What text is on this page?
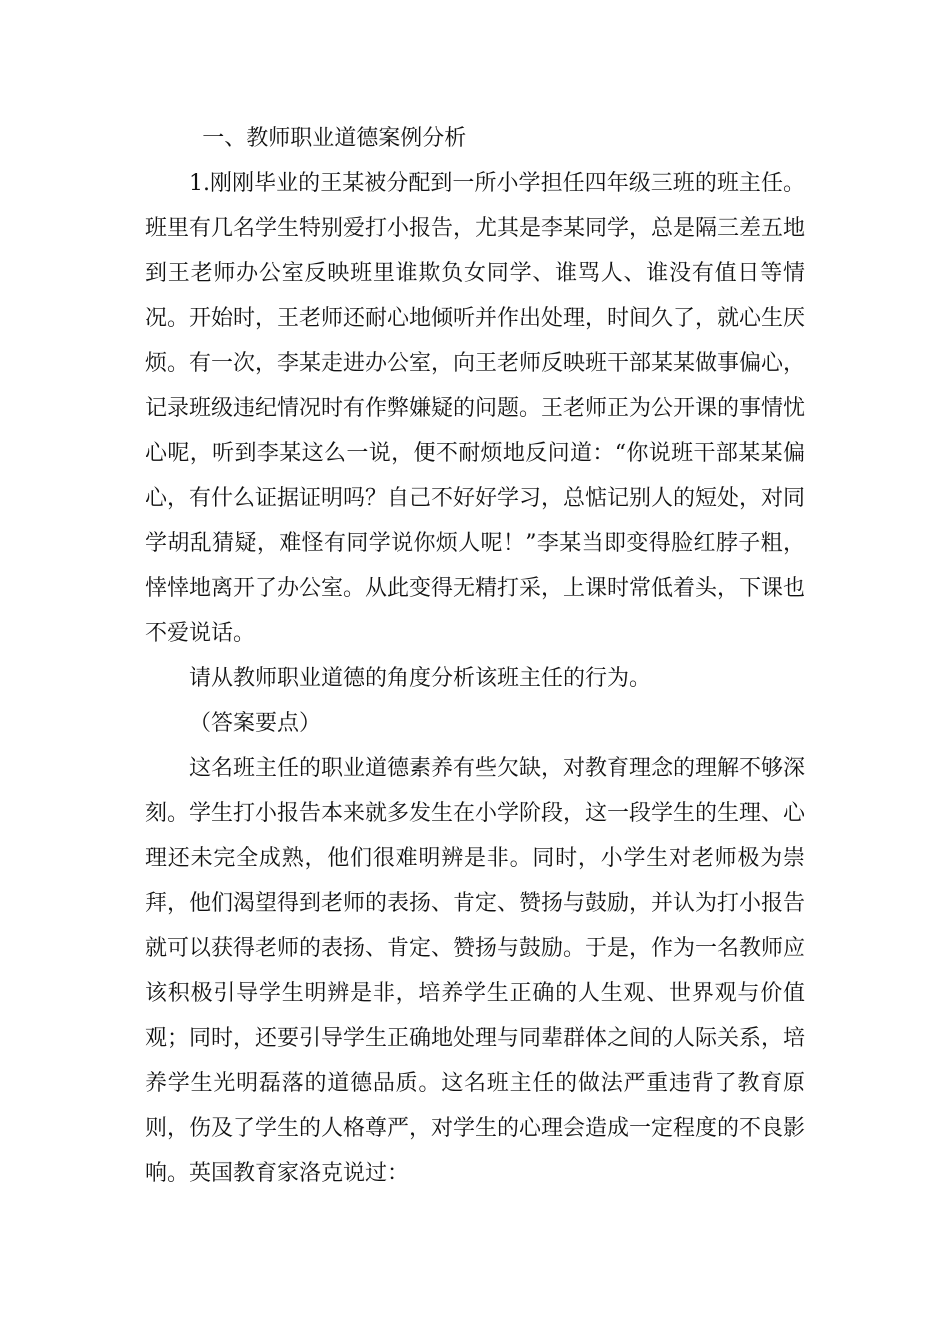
一、教师职业道德案例分析

1.刚刚毕业的王某被分配到一所小学担任四年级三班的班主任。班里有几名学生特别爱打小报告，尤其是李某同学，总是隔三差五地到王老师办公室反映班里谁欺负女同学、谁骂人、谁没有值日等情况。开始时，王老师还耐心地倾听并作出处理，时间久了，就心生厌烦。有一次，李某走进办公室，向王老师反映班干部某某做事偏心，记录班级违纪情况时有作弊嫌疑的问题。王老师正为公开课的事情忧心呢，听到李某这么一说，便不耐烦地反问道：“你说班干部某某偏心，有什么证据证明吗？自己不好好学习，总惦记别人的短处，对同学胡乱猜疑，难怪有同学说你烦人呢！”李某当即变得脸红脖子粗，悻悻地离开了办公室。从此变得无精打采，上课时常低着头，下课也不爱说话。

请从教师职业道德的角度分析该班主任的行为。

（答案要点）

这名班主任的职业道德素养有些欠缺，对教育理念的理解不够深刻。学生打小报告本来就多发生在小学阶段，这一段学生的生理、心理还未完全成熟，他们很难明辨是非。同时，小学生对老师极为崇拜，他们渴望得到老师的表扬、肯定、赞扬与鼓励，并认为打小报告就可以获得老师的表扬、肯定、赞扬与鼓励。于是，作为一名教师应该积极引导学生明辨是非，培养学生正确的人生观、世界观与价值观；同时，还要引导学生正确地处理与同辈群体之间的人际关系，培养学生光明磊落的道德品质。这名班主任的做法严重违背了教育原则，伤及了学生的人格尊严，对学生的心理会造成一定程度的不良影响。英国教育家洛克说过：
